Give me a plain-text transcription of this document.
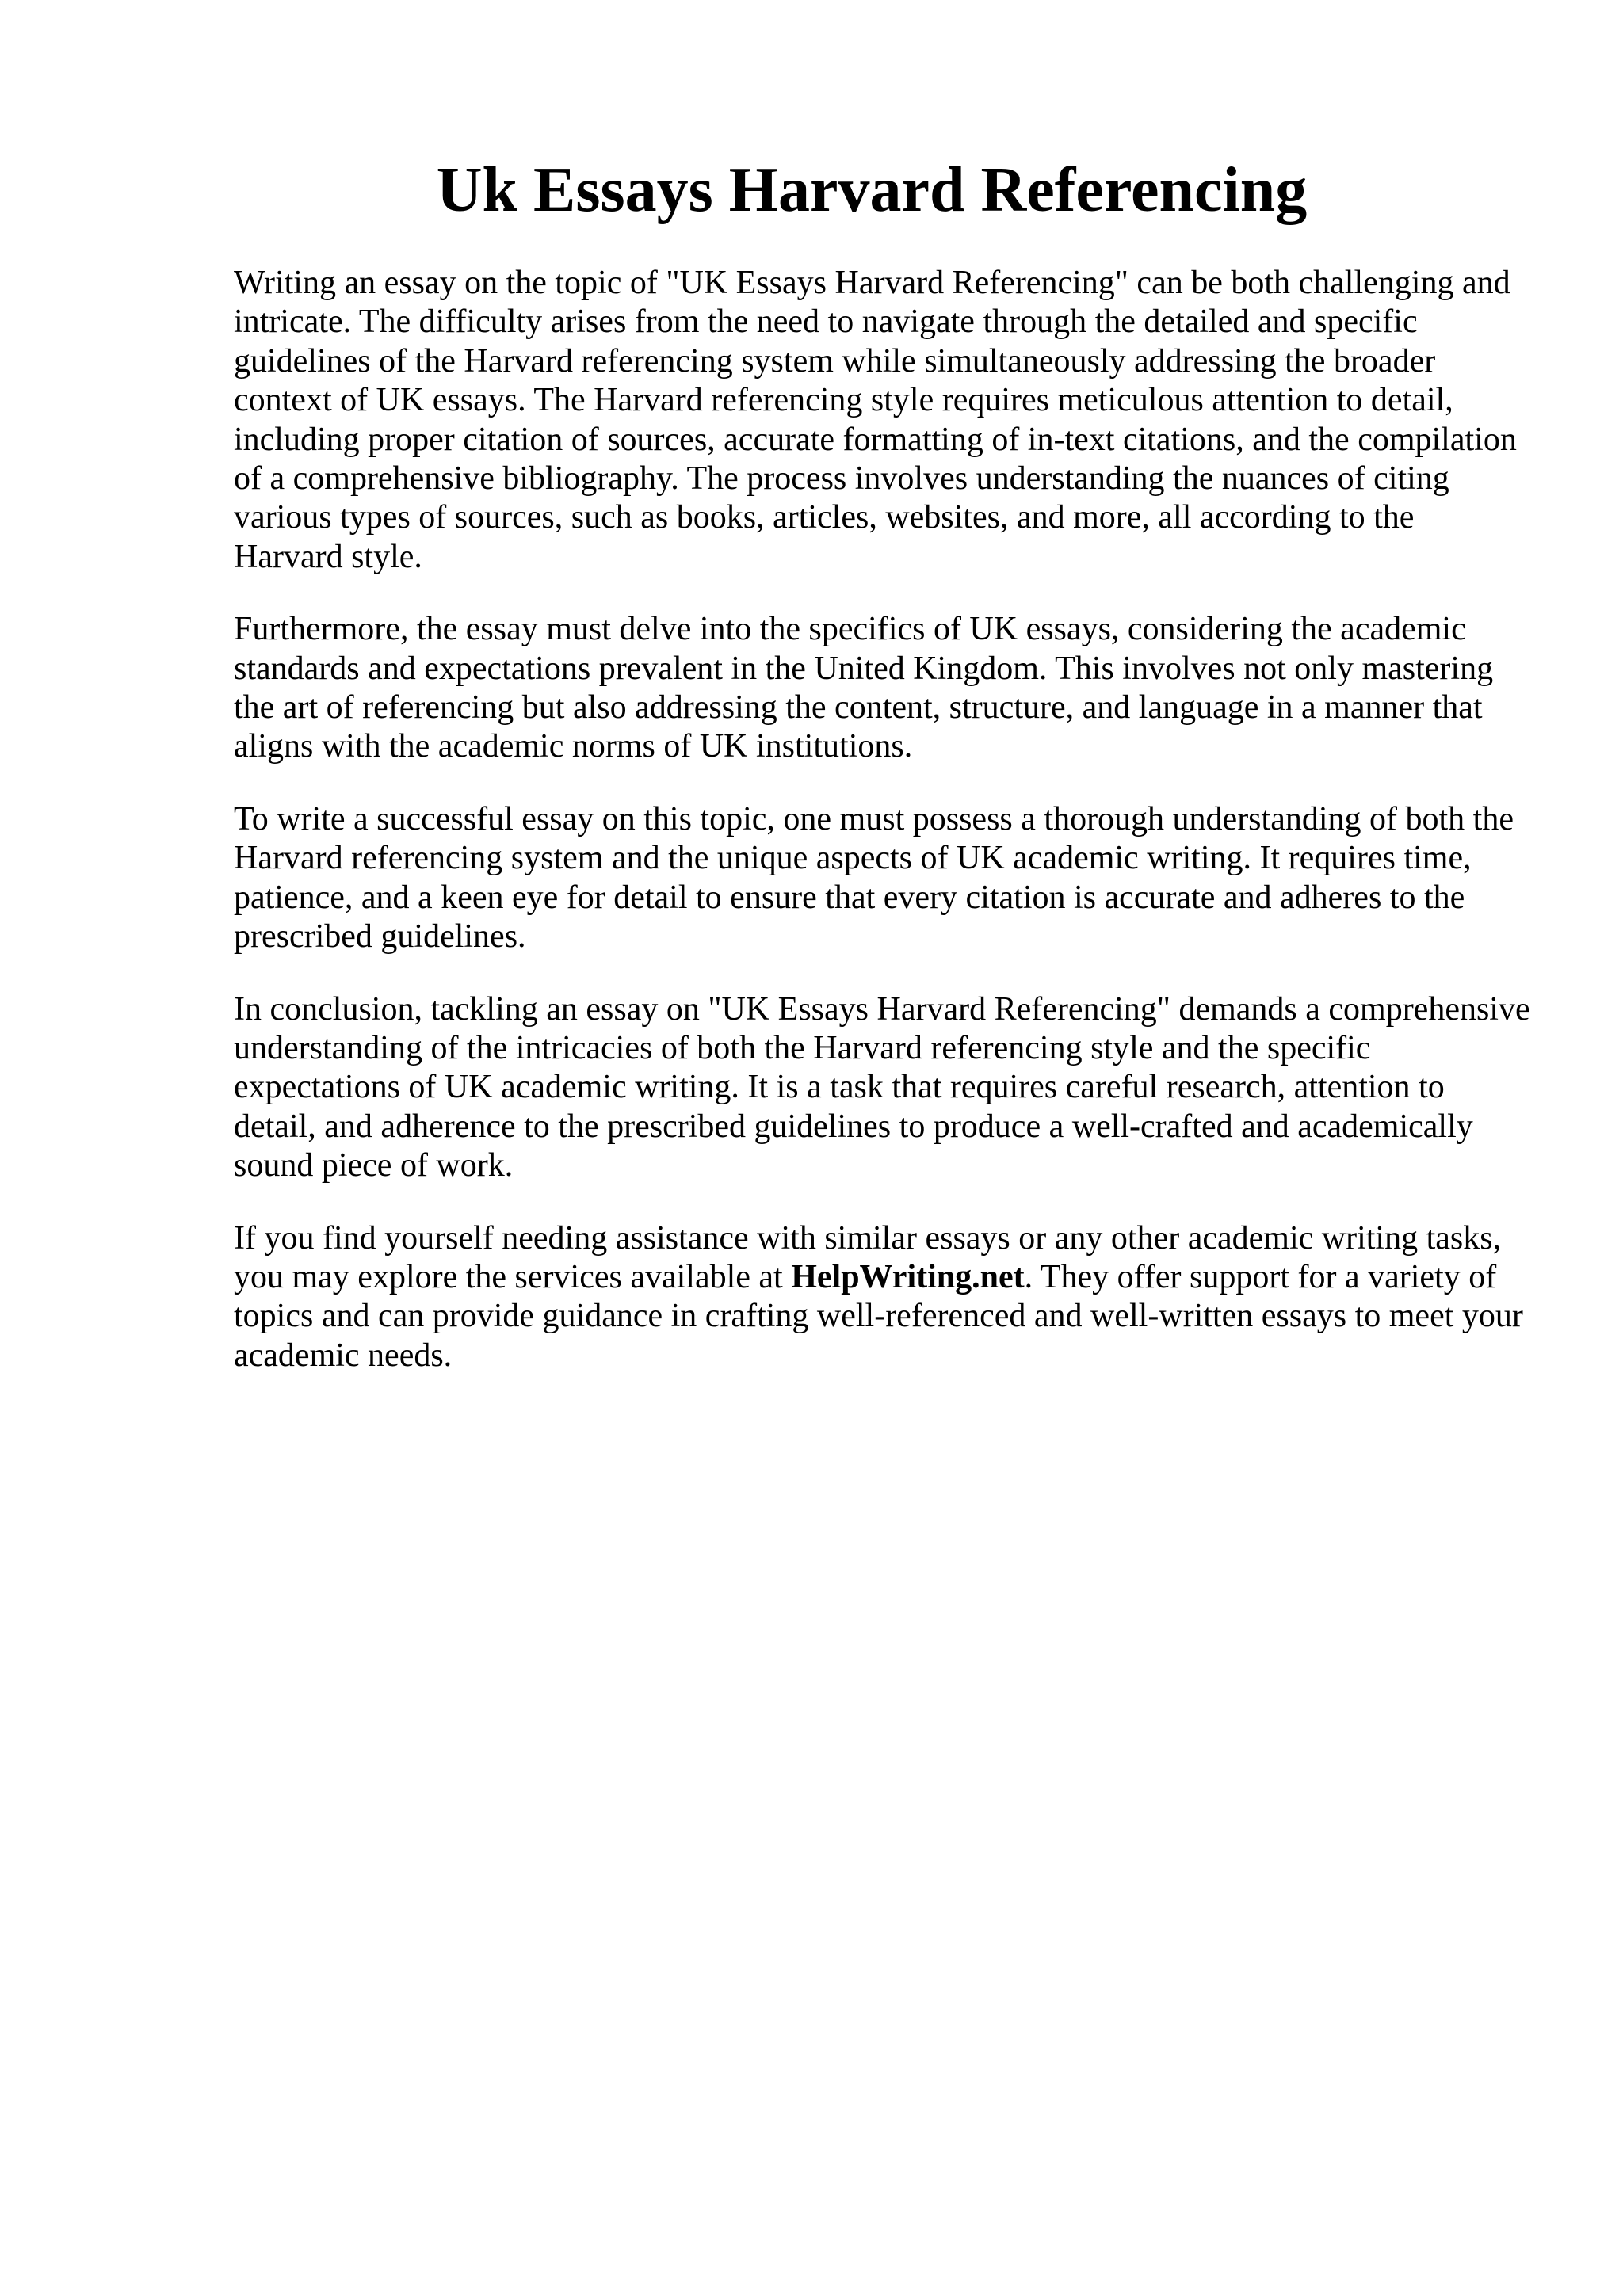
Uk Essays Harvard Referencing

Writing an essay on the topic of "UK Essays Harvard Referencing" can be both challenging and
intricate. The difficulty arises from the need to navigate through the detailed and specific
guidelines of the Harvard referencing system while simultaneously addressing the broader
context of UK essays. The Harvard referencing style requires meticulous attention to detail,
including proper citation of sources, accurate formatting of in-text citations, and the compilation
of a comprehensive bibliography. The process involves understanding the nuances of citing
various types of sources, such as books, articles, websites, and more, all according to the
Harvard style.

Furthermore, the essay must delve into the specifics of UK essays, considering the academic
standards and expectations prevalent in the United Kingdom. This involves not only mastering
the art of referencing but also addressing the content, structure, and language in a manner that
aligns with the academic norms of UK institutions.

To write a successful essay on this topic, one must possess a thorough understanding of both the
Harvard referencing system and the unique aspects of UK academic writing. It requires time,
patience, and a keen eye for detail to ensure that every citation is accurate and adheres to the
prescribed guidelines.

In conclusion, tackling an essay on "UK Essays Harvard Referencing" demands a comprehensive
understanding of the intricacies of both the Harvard referencing style and the specific
expectations of UK academic writing. It is a task that requires careful research, attention to
detail, and adherence to the prescribed guidelines to produce a well-crafted and academically
sound piece of work.

If you find yourself needing assistance with similar essays or any other academic writing tasks,
you may explore the services available at HelpWriting.net. They offer support for a variety of
topics and can provide guidance in crafting well-referenced and well-written essays to meet your
academic needs.
